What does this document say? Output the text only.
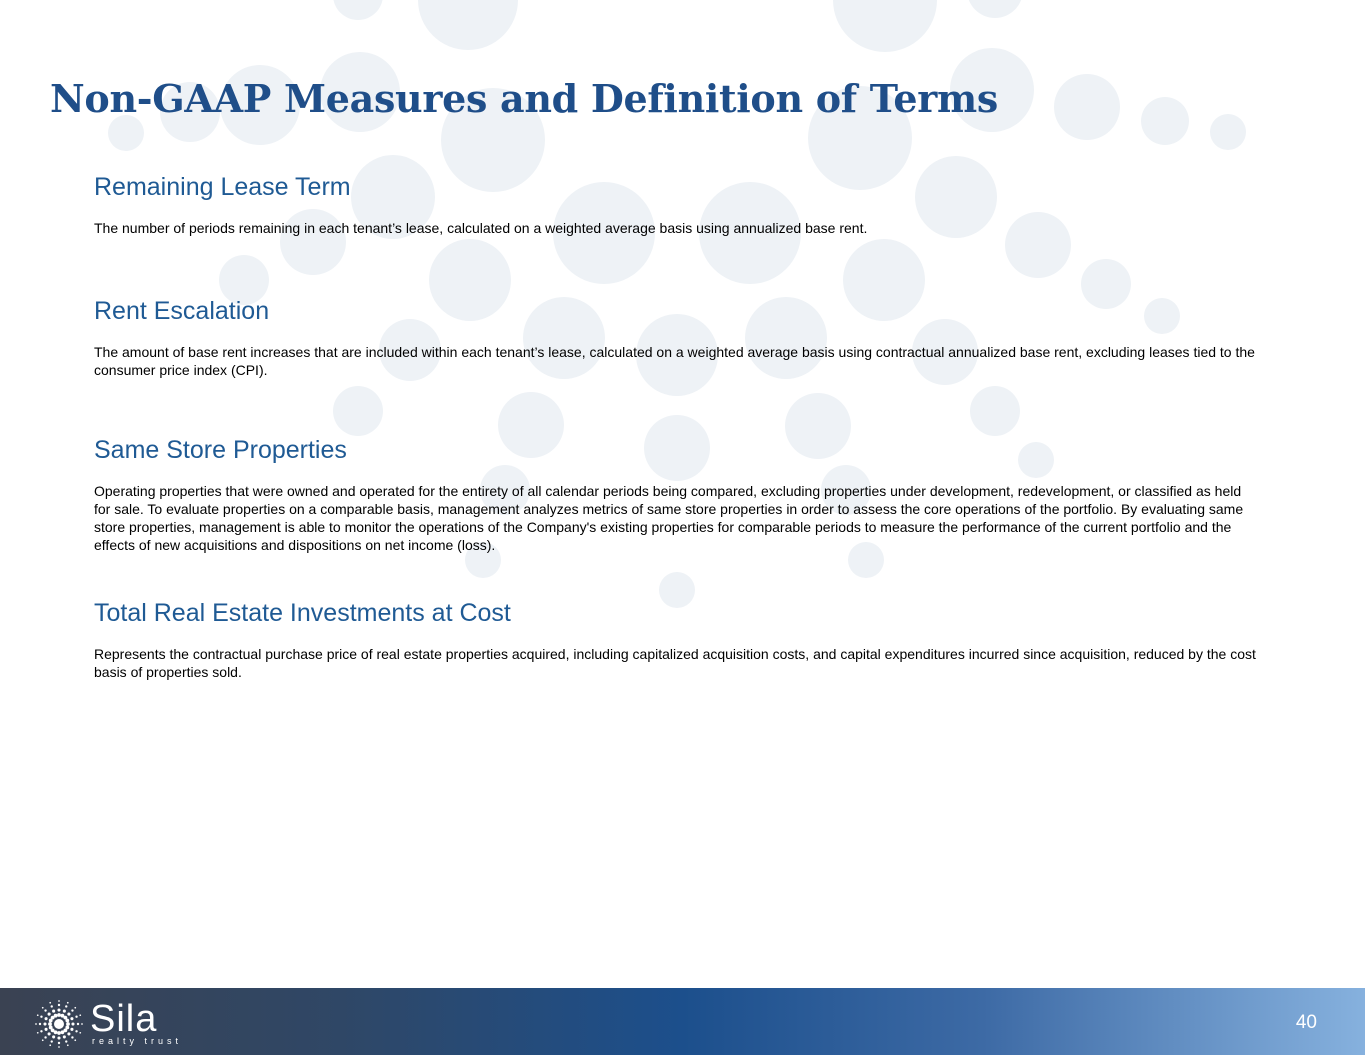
Non-GAAP Measures and Definition of Terms
Remaining Lease Term

The number of periods remaining in each tenant’s lease, calculated on a weighted average basis using annualized base rent.

Rent Escalation

The amount of base rent increases that are included within each tenant’s lease, calculated on a weighted average basis using contractual annualized base rent, excluding leases tied to the consumer price index (CPI).

Same Store Properties

Operating properties that were owned and operated for the entirety of all calendar periods being compared, excluding properties under development, redevelopment, or classified as held for sale. To evaluate properties on a comparable basis, management analyzes metrics of same store properties in order to assess the core operations of the portfolio. By evaluating same store properties, management is able to monitor the operations of the Company's existing properties for comparable periods to measure the performance of the current portfolio and the effects of new acquisitions and dispositions on net income (loss).

Total Real Estate Investments at Cost

Represents the contractual purchase price of real estate properties acquired, including capitalized acquisition costs, and capital expenditures incurred since acquisition, reduced by the cost basis of properties sold.

Sila
realty trust
40
